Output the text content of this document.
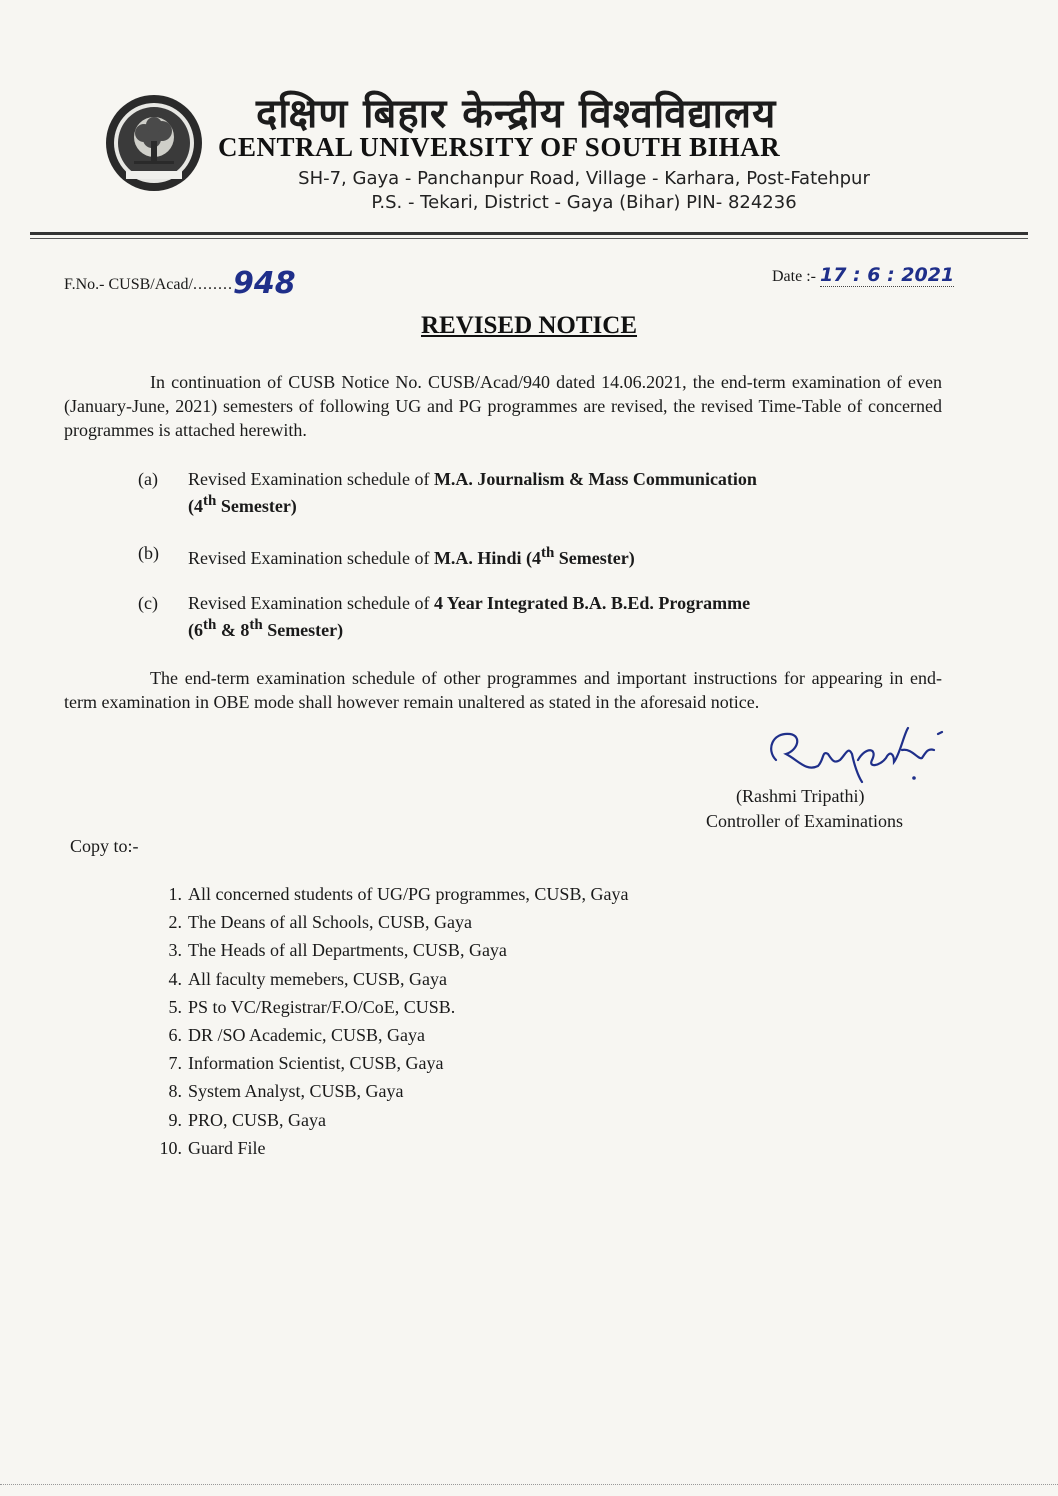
दक्षिण बिहार केन्द्रीय विश्वविद्यालय
CENTRAL UNIVERSITY OF SOUTH BIHAR
SH-7, Gaya - Panchanpur Road, Village - Karhara, Post-Fatehpur
P.S. - Tekari, District - Gaya (Bihar) PIN- 824236
F.No.- CUSB/Acad/........948	Date :- 17 : 6 : 2021
REVISED NOTICE

In continuation of CUSB Notice No. CUSB/Acad/940 dated 14.06.2021, the end-term examination of even (January-June, 2021) semesters of following UG and PG programmes are revised, the revised Time-Table of concerned programmes is attached herewith.

(a)	Revised Examination schedule of M.A. Journalism & Mass Communication
(4th Semester)
(b)	Revised Examination schedule of M.A. Hindi (4th Semester)
(c)	Revised Examination schedule of 4 Year Integrated B.A. B.Ed. Programme
(6th & 8th Semester)

The end-term examination schedule of other programmes and important instructions for appearing in end-term examination in OBE mode shall however remain unaltered as stated in the aforesaid notice.

(Rashmi Tripathi)
Controller of Examinations
Copy to:-
1. All concerned students of UG/PG programmes, CUSB, Gaya
2. The Deans of all Schools, CUSB, Gaya
3. The Heads of all Departments, CUSB, Gaya
4. All faculty memebers, CUSB, Gaya
5. PS to VC/Registrar/F.O/CoE, CUSB.
6. DR /SO Academic, CUSB, Gaya
7. Information Scientist, CUSB, Gaya
8. System Analyst, CUSB, Gaya
9. PRO, CUSB, Gaya
10. Guard File
